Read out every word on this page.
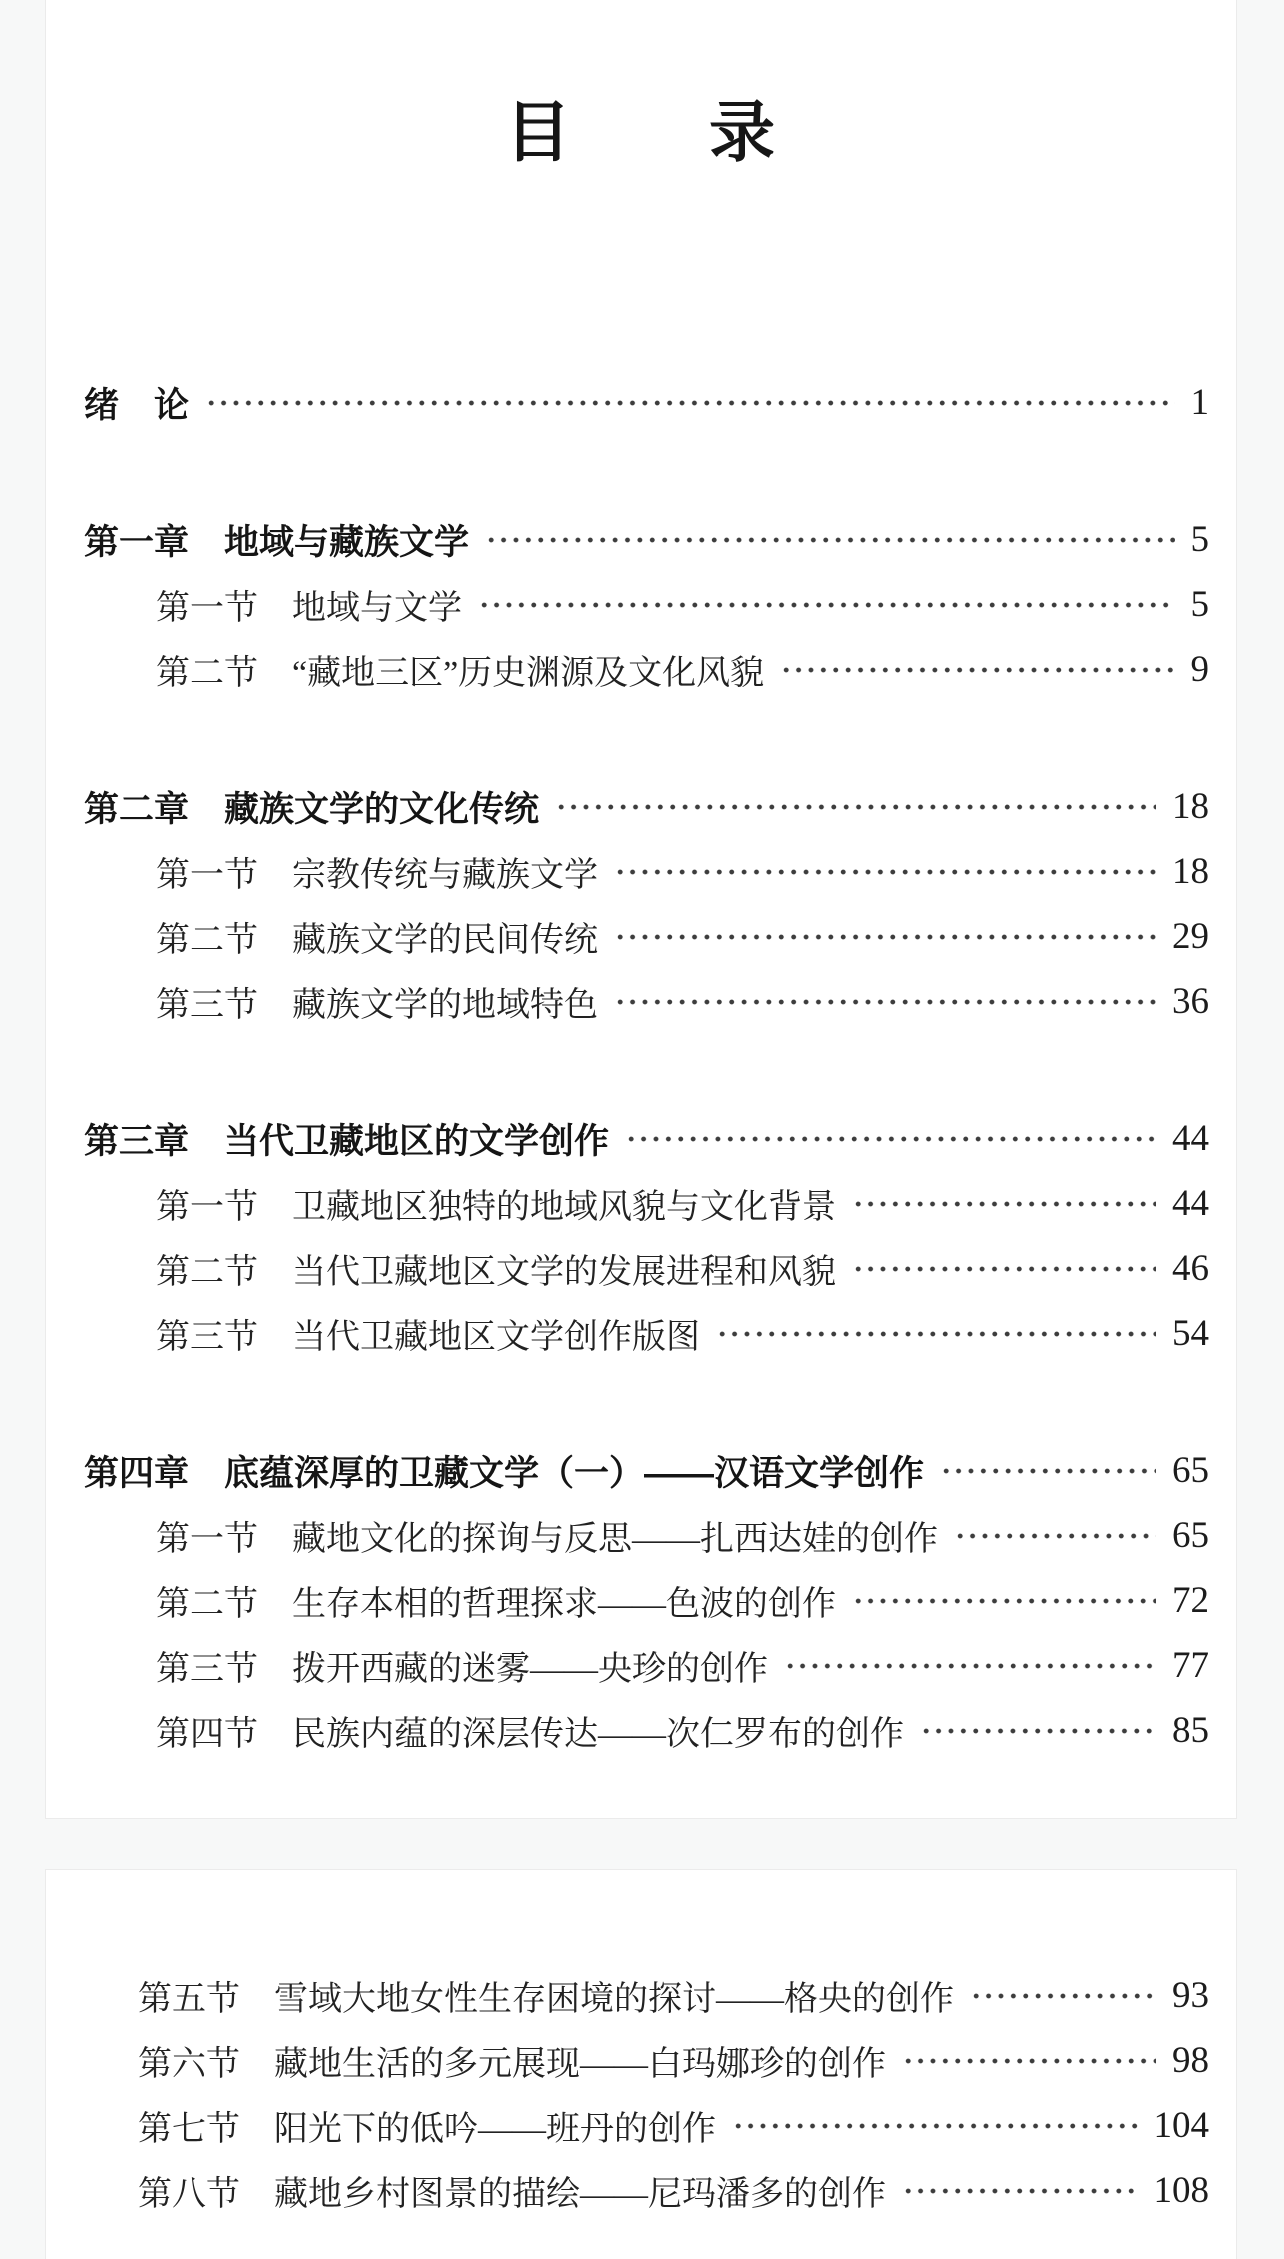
目　　录
绪　论	1
第一章　地域与藏族文学	5
第一节　地域与文学	5
第二节　“藏地三区”历史渊源及文化风貌	9
第二章　藏族文学的文化传统	18
第一节　宗教传统与藏族文学	18
第二节　藏族文学的民间传统	29
第三节　藏族文学的地域特色	36
第三章　当代卫藏地区的文学创作	44
第一节　卫藏地区独特的地域风貌与文化背景	44
第二节　当代卫藏地区文学的发展进程和风貌	46
第三节　当代卫藏地区文学创作版图	54
第四章　底蕴深厚的卫藏文学（一）——汉语文学创作	65
第一节　藏地文化的探询与反思——扎西达娃的创作	65
第二节　生存本相的哲理探求——色波的创作	72
第三节　拨开西藏的迷雾——央珍的创作	77
第四节　民族内蕴的深层传达——次仁罗布的创作	85
第五节　雪域大地女性生存困境的探讨——格央的创作	93
第六节　藏地生活的多元展现——白玛娜珍的创作	98
第七节　阳光下的低吟——班丹的创作	104
第八节　藏地乡村图景的描绘——尼玛潘多的创作	108
